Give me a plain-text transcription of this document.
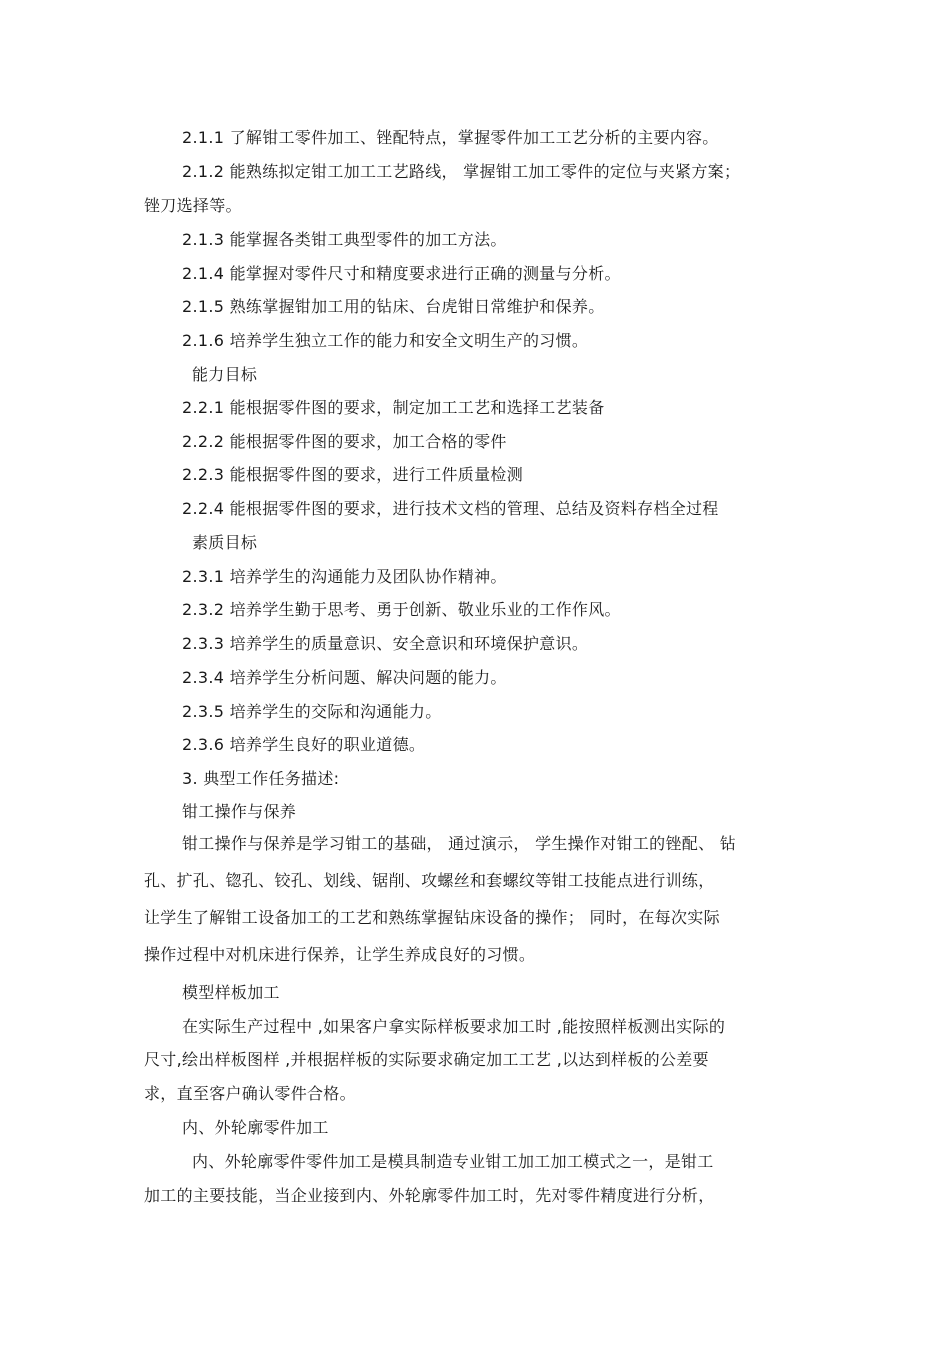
2.1.1 了解钳工零件加工、锉配特点，掌握零件加工工艺分析的主要内容。
2.1.2 能熟练拟定钳工加工工艺路线， 掌握钳工加工零件的定位与夹紧方案；
锉刀选择等。
2.1.3 能掌握各类钳工典型零件的加工方法。
2.1.4 能掌握对零件尺寸和精度要求进行正确的测量与分析。
2.1.5 熟练掌握钳加工用的钻床、台虎钳日常维护和保养。
2.1.6 培养学生独立工作的能力和安全文明生产的习惯。
能力目标
2.2.1 能根据零件图的要求，制定加工工艺和选择工艺装备
2.2.2 能根据零件图的要求，加工合格的零件
2.2.3 能根据零件图的要求，进行工件质量检测
2.2.4 能根据零件图的要求，进行技术文档的管理、总结及资料存档全过程
素质目标
2.3.1 培养学生的沟通能力及团队协作精神。
2.3.2 培养学生勤于思考、勇于创新、敬业乐业的工作作风。
2.3.3 培养学生的质量意识、安全意识和环境保护意识。
2.3.4 培养学生分析问题、解决问题的能力。
2.3.5 培养学生的交际和沟通能力。
2.3.6 培养学生良好的职业道德。
3. 典型工作任务描述:
钳工操作与保养
钳工操作与保养是学习钳工的基础， 通过演示， 学生操作对钳工的锉配、 钻
孔、扩孔、锪孔、铰孔、划线、锯削、攻螺丝和套螺纹等钳工技能点进行训练，
让学生了解钳工设备加工的工艺和熟练掌握钻床设备的操作； 同时，在每次实际
操作过程中对机床进行保养，让学生养成良好的习惯。
模型样板加工
在实际生产过程中 ,如果客户拿实际样板要求加工时 ,能按照样板测出实际的
尺寸,绘出样板图样 ,并根据样板的实际要求确定加工工艺 ,以达到样板的公差要
求，直至客户确认零件合格。
内、外轮廓零件加工
内、外轮廓零件零件加工是模具制造专业钳工加工加工模式之一，是钳工
加工的主要技能，当企业接到内、外轮廓零件加工时，先对零件精度进行分析，
